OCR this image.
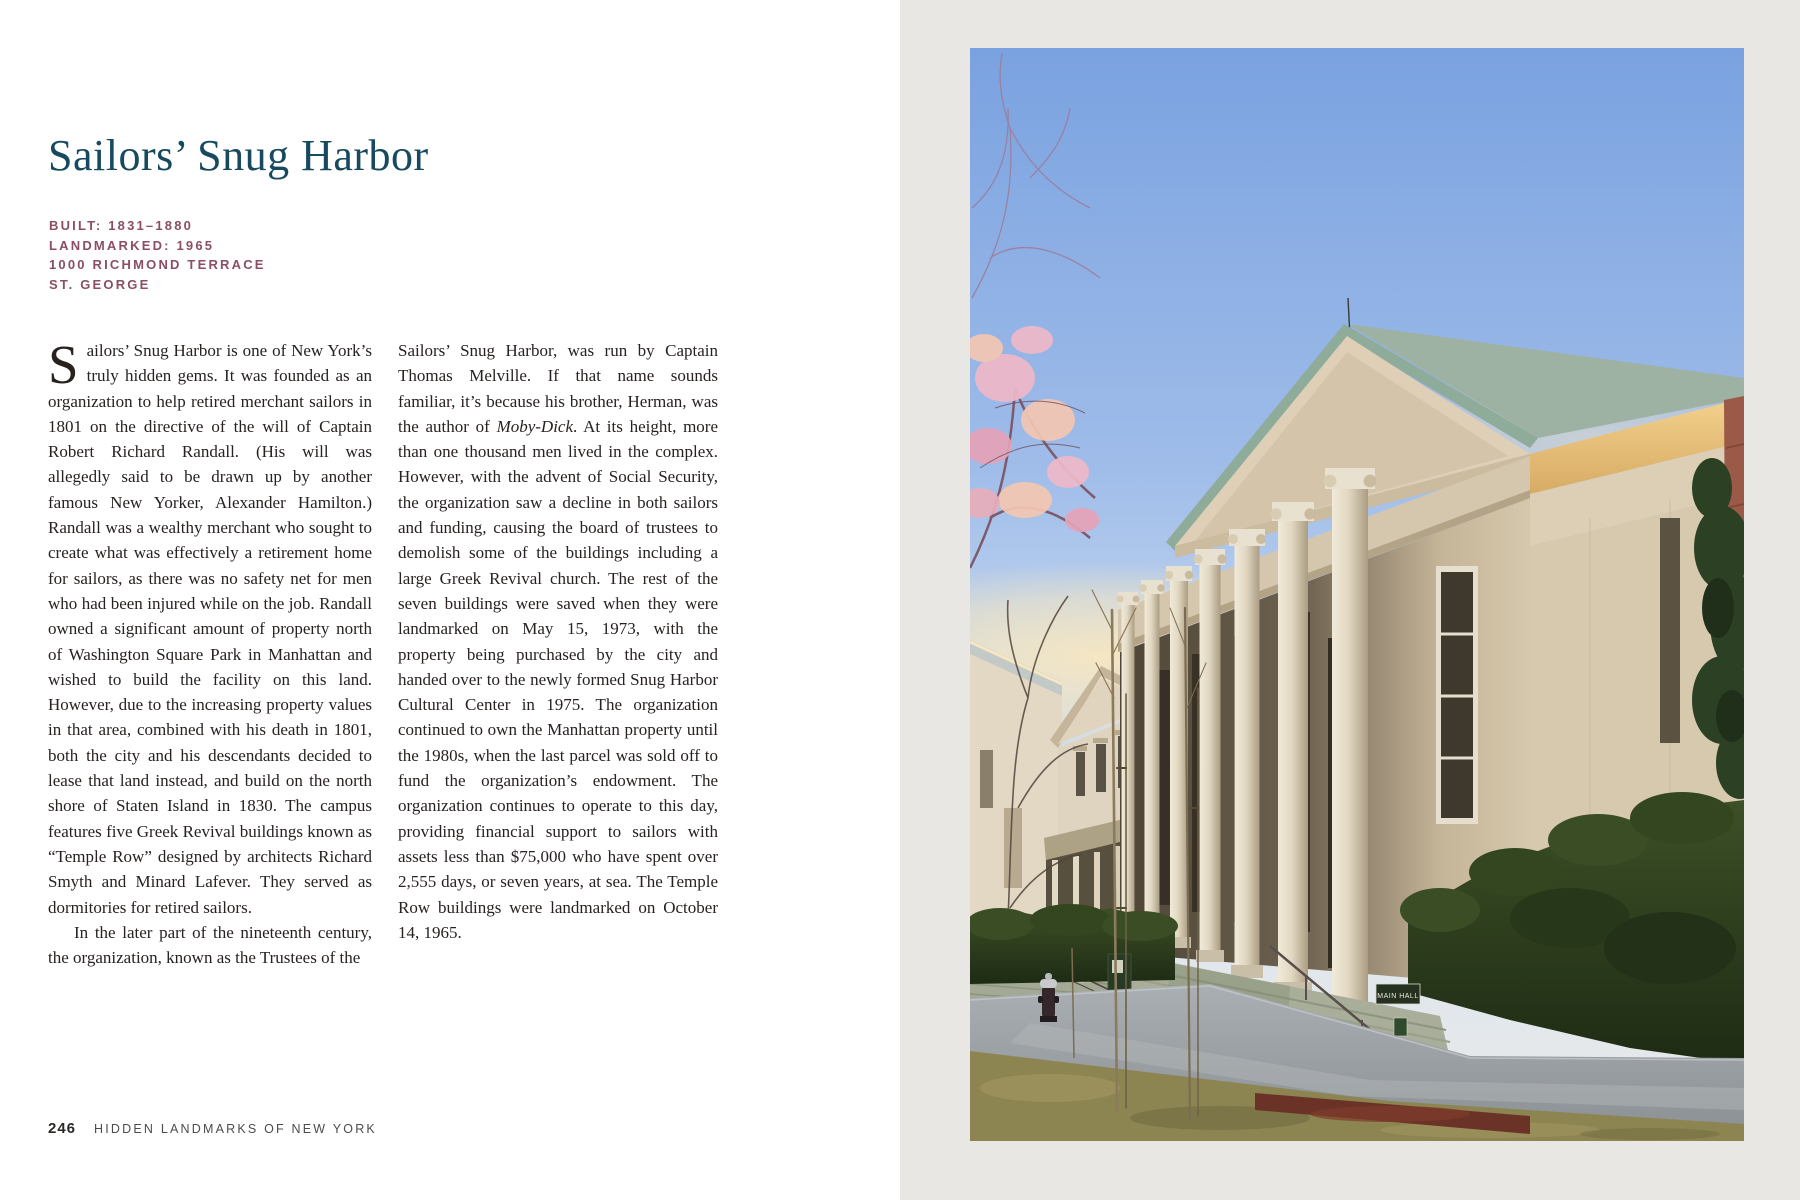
Sailors’ Snug Harbor
BUILT: 1831–1880
LANDMARKED: 1965
1000 RICHMOND TERRACE
ST. GEORGE

Sailors’ Snug Harbor is one of New York’s truly hidden gems. It was founded as an organization to help retired merchant sailors in 1801 on the directive of the will of Captain Robert Richard Randall. (His will was allegedly said to be drawn up by another famous New Yorker, Alexander Hamilton.) Randall was a wealthy merchant who sought to create what was effectively a retirement home for sailors, as there was no safety net for men who had been injured while on the job. Randall owned a significant amount of property north of Washington Square Park in Manhattan and wished to build the facility on this land. However, due to the increasing property values in that area, combined with his death in 1801, both the city and his descendants decided to lease that land instead, and build on the north shore of Staten Island in 1830. The campus features five Greek Revival buildings known as “Temple Row” designed by architects Richard Smyth and Minard Lafever. They served as dormitories for retired sailors.

In the later part of the nineteenth century, the organization, known as the Trustees of the

Sailors’ Snug Harbor, was run by Captain Thomas Melville. If that name sounds familiar, it’s because his brother, Herman, was the author of Moby-Dick. At its height, more than one thousand men lived in the complex. However, with the advent of Social Security, the organization saw a decline in both sailors and funding, causing the board of trustees to demolish some of the buildings including a large Greek Revival church. The rest of the seven buildings were saved when they were landmarked on May 15, 1973, with the property being purchased by the city and handed over to the newly formed Snug Harbor Cultural Center in 1975. The organization continued to own the Manhattan property until the 1980s, when the last parcel was sold off to fund the organization’s endowment. The organization continues to operate to this day, providing financial support to sailors with assets less than $75,000 who have spent over 2,555 days, or seven years, at sea. The Temple Row buildings were landmarked on October 14, 1965.

246 HIDDEN LANDMARKS OF NEW YORK
MAIN HALL
